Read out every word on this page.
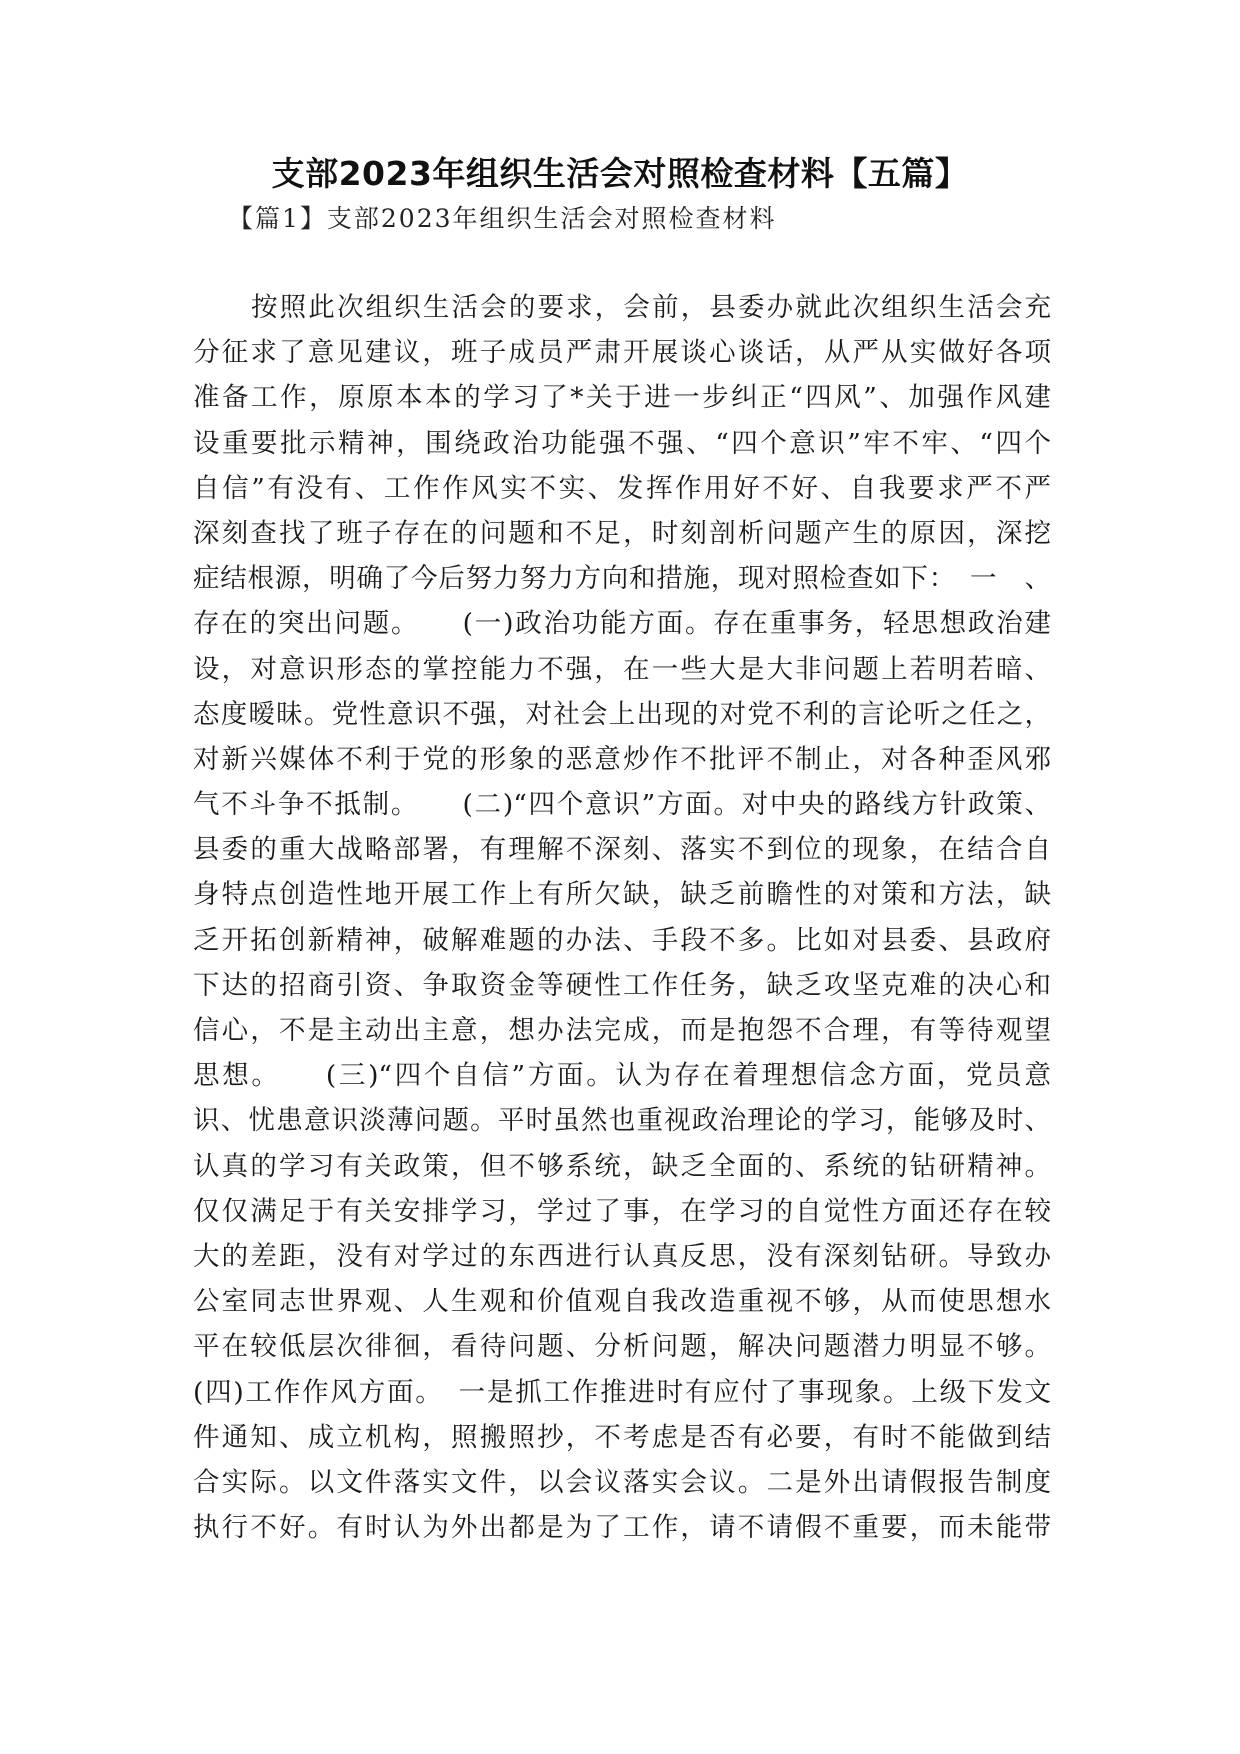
支部2023年组织生活会对照检查材料【五篇】
【篇1】支部2023年组织生活会对照检查材料
按照此次组织生活会的要求，会前，县委办就此次组织生活会充
分征求了意见建议，班子成员严肃开展谈心谈话，从严从实做好各项
准备工作，原原本本的学习了*关于进一步纠正“四风”、加强作风建
设重要批示精神，围绕政治功能强不强、“四个意识”牢不牢、“四个
自信”有没有、工作作风实不实、发挥作用好不好、自我要求严不严
深刻查找了班子存在的问题和不足，时刻剖析问题产生的原因，深挖
症结根源，明确了今后努力努力方向和措施，现对照检查如下：　一　、
存在的突出问题。　　(一)政治功能方面。存在重事务，轻思想政治建
设，对意识形态的掌控能力不强，在一些大是大非问题上若明若暗、
态度暧昧。党性意识不强，对社会上出现的对党不利的言论听之任之，
对新兴媒体不利于党的形象的恶意炒作不批评不制止，对各种歪风邪
气不斗争不抵制。　　(二)“四个意识”方面。对中央的路线方针政策、
县委的重大战略部署，有理解不深刻、落实不到位的现象，在结合自
身特点创造性地开展工作上有所欠缺，缺乏前瞻性的对策和方法，缺
乏开拓创新精神，破解难题的办法、手段不多。比如对县委、县政府
下达的招商引资、争取资金等硬性工作任务，缺乏攻坚克难的决心和
信心，不是主动出主意，想办法完成，而是抱怨不合理，有等待观望
思想。　　(三)“四个自信”方面。认为存在着理想信念方面，党员意
识、忧患意识淡薄问题。平时虽然也重视政治理论的学习，能够及时、
认真的学习有关政策，但不够系统，缺乏全面的、系统的钻研精神。
仅仅满足于有关安排学习，学过了事，在学习的自觉性方面还存在较
大的差距，没有对学过的东西进行认真反思，没有深刻钻研。导致办
公室同志世界观、人生观和价值观自我改造重视不够，从而使思想水
平在较低层次徘徊，看待问题、分析问题，解决问题潜力明显不够。
(四)工作作风方面。　一是抓工作推进时有应付了事现象。上级下发文
件通知、成立机构，照搬照抄，不考虑是否有必要，有时不能做到结
合实际。以文件落实文件，以会议落实会议。二是外出请假报告制度
执行不好。有时认为外出都是为了工作，请不请假不重要，而未能带
